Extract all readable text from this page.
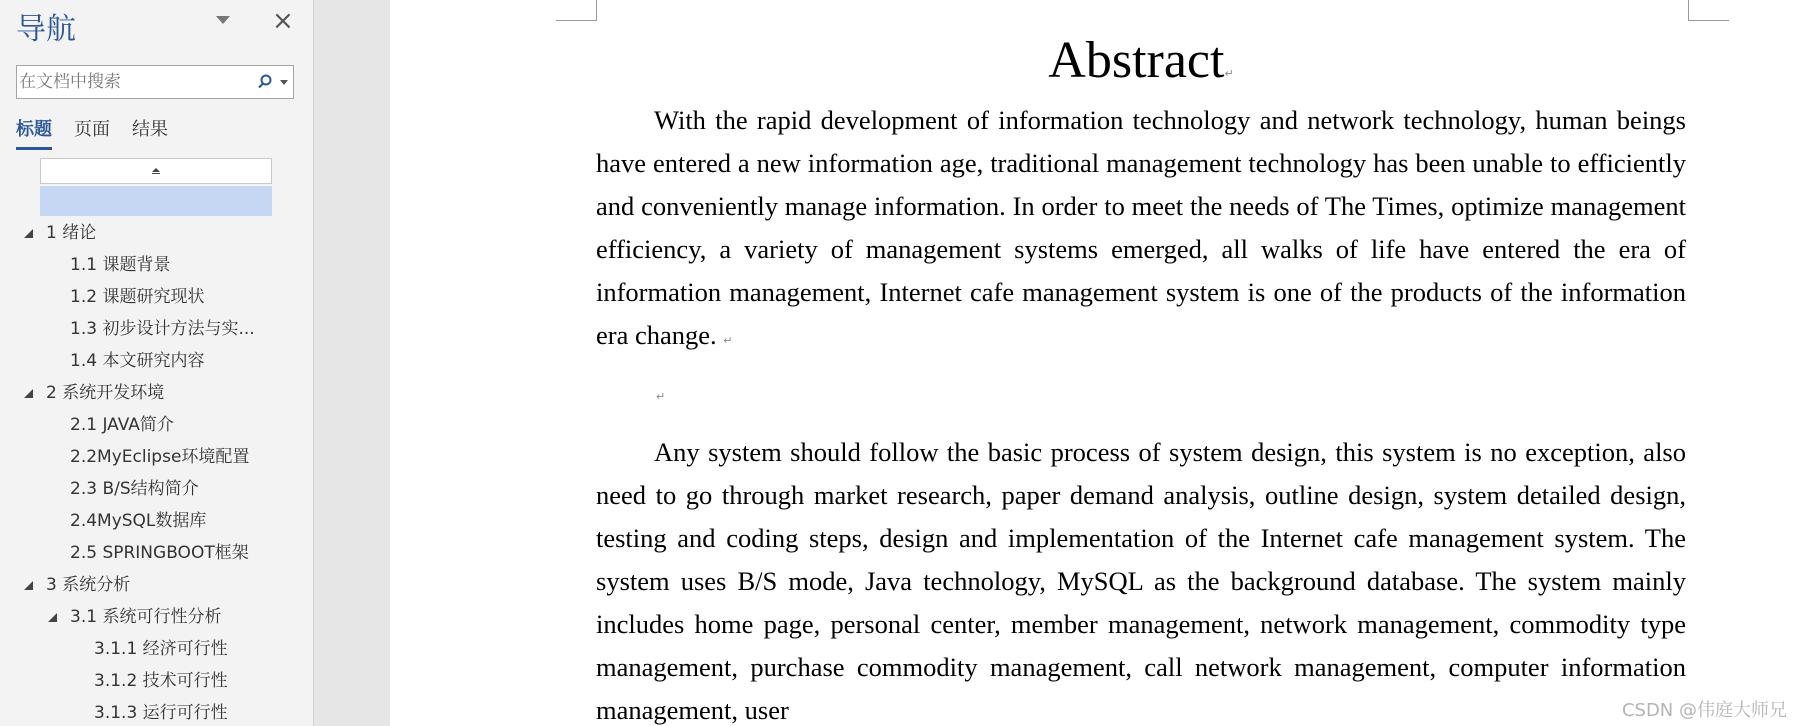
导航	×
在文档中搜索
标题 页面 结果
1 绪论
1.1 课题背景
1.2 课题研究现状
1.3 初步设计方法与实...
1.4 本文研究内容
2 系统开发环境
2.1 JAVA简介
2.2MyEclipse环境配置
2.3 B/S结构简介
2.4MySQL数据库
2.5 SPRINGBOOT框架
3 系统分析
3.1 系统可行性分析
3.1.1 经济可行性
3.1.2 技术可行性
3.1.3 运行可行性
Abstract↵
With the rapid development of information technology and network technology, human beings have entered a new information age, traditional management technology has been unable to efficiently and conveniently manage information. In order to meet the needs of The Times, optimize management efficiency, a variety of management systems emerged, all walks of life have entered the era of information management, Internet cafe management system is one of the products of the information era change. ↵
↵
Any system should follow the basic process of system design, this system is no exception, also need to go through market research, paper demand analysis, outline design, system detailed design, testing and coding steps, design and implementation of the Internet cafe management system. The system uses B/S mode, Java technology, MySQL as the background database. The system mainly includes home page, personal center, member management, network management, commodity type management, purchase commodity management, call network management, computer information management, user	CSDN @伟庭大师兄
